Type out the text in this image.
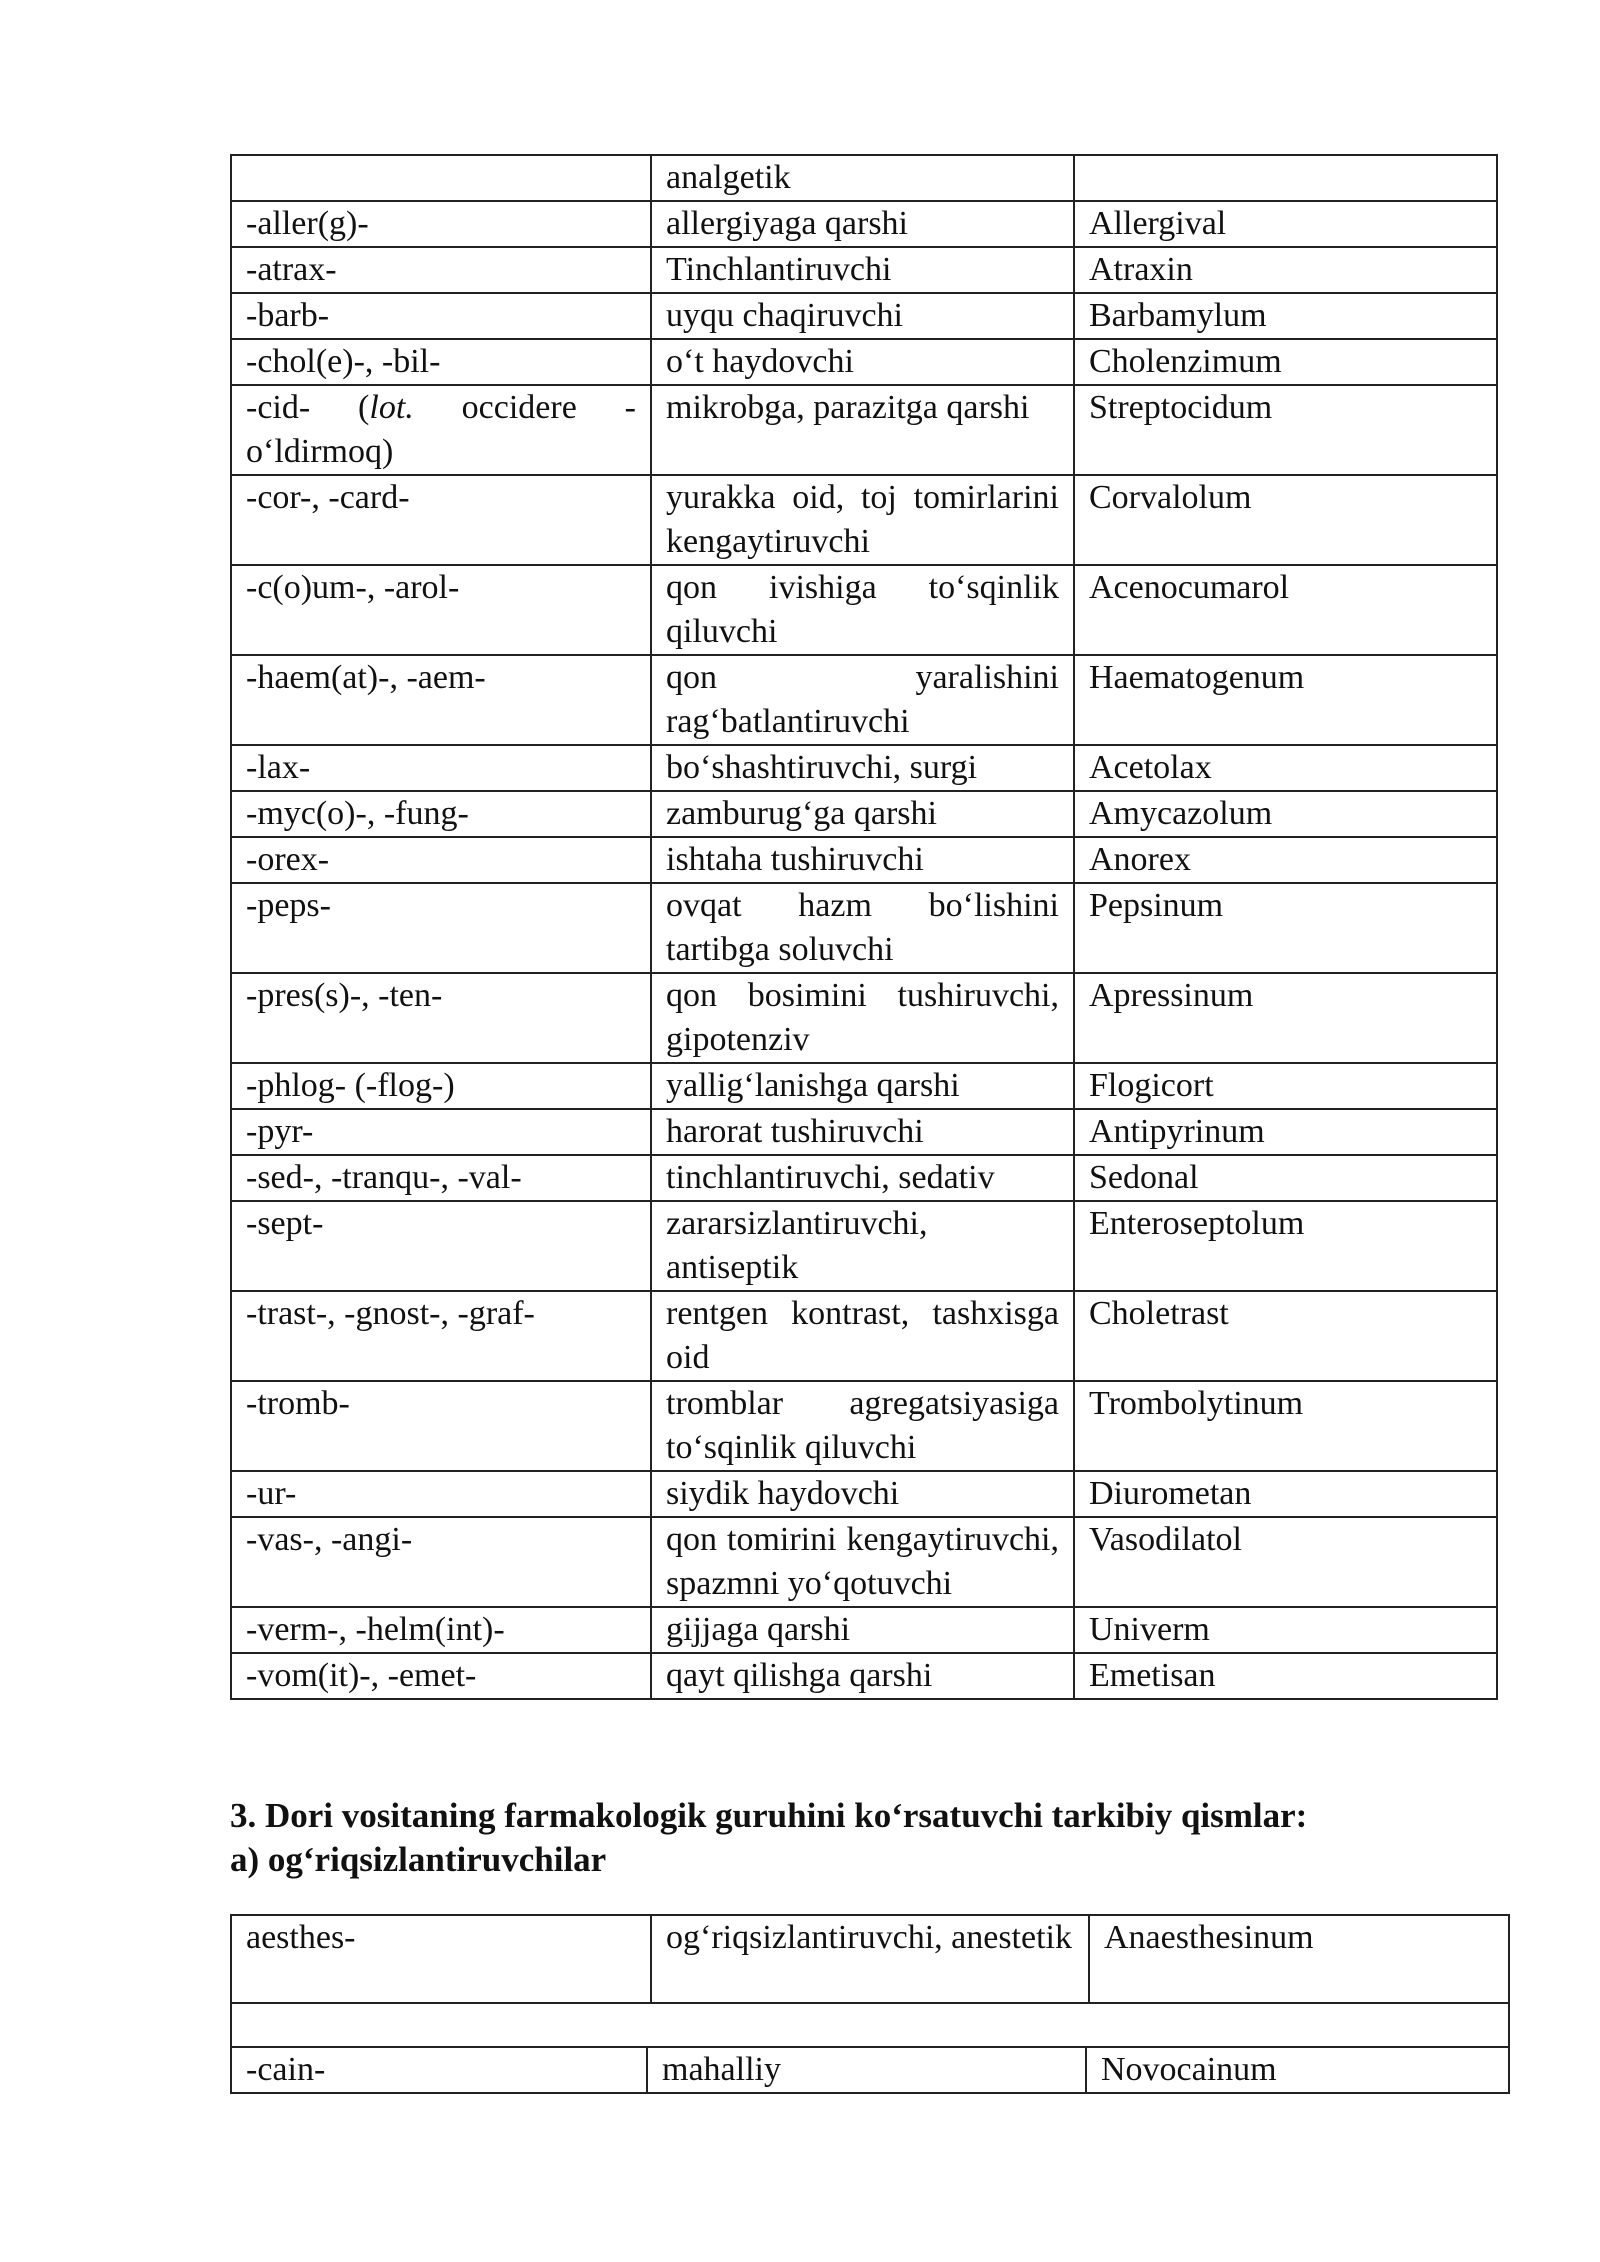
	analgetik	
-aller(g)-	allergiyaga qarshi	Allergival
-atrax-	Tinchlantiruvchi	Atraxin
-barb-	uyqu chaqiruvchi	Barbamylum
-chol(e)-, -bil-	o‘t haydovchi	Cholenzimum
-cid- (lot. occidere - o‘ldirmoq)	mikrobga, parazitga qarshi	Streptocidum
-cor-, -card-	yurakka oid, toj tomirlarini kengaytiruvchi	Corvalolum
-c(o)um-, -arol-	qon ivishiga to‘sqinlik qiluvchi	Acenocumarol
-haem(at)-, -aem-	qon yaralishini rag‘batlantiruvchi	Haematogenum
-lax-	bo‘shashtiruvchi, surgi	Acetolax
-myc(o)-, -fung-	zamburug‘ga qarshi	Amycazolum
-orex-	ishtaha tushiruvchi	Anorex
-peps-	ovqat hazm bo‘lishini tartibga soluvchi	Pepsinum
-pres(s)-, -ten-	qon bosimini tushiruvchi, gipotenziv	Apressinum
-phlog- (-flog-)	yallig‘lanishga qarshi	Flogicort
-pyr-	harorat tushiruvchi	Antipyrinum
-sed-, -tranqu-, -val-	tinchlantiruvchi, sedativ	Sedonal
-sept-	zararsizlantiruvchi, antiseptik	Enteroseptolum
-trast-, -gnost-, -graf-	rentgen kontrast, tashxisga oid	Choletrast
-tromb-	tromblar agregatsiyasiga to‘sqinlik qiluvchi	Trombolytinum
-ur-	siydik haydovchi	Diurometan
-vas-, -angi-	qon tomirini kengaytiruvchi, spazmni yo‘qotuvchi	Vasodilatol
-verm-, -helm(int)-	gijjaga qarshi	Univerm
-vom(it)-, -emet-	qayt qilishga qarshi	Emetisan
3. Dori vositaning farmakologik guruhini ko‘rsatuvchi tarkibiy qismlar:
a) og‘riqsizlantiruvchilar
aesthes-	og‘riqsizlantiruvchi, anestetik	Anaesthesinum

-cain-	mahalliy	Novocainum
